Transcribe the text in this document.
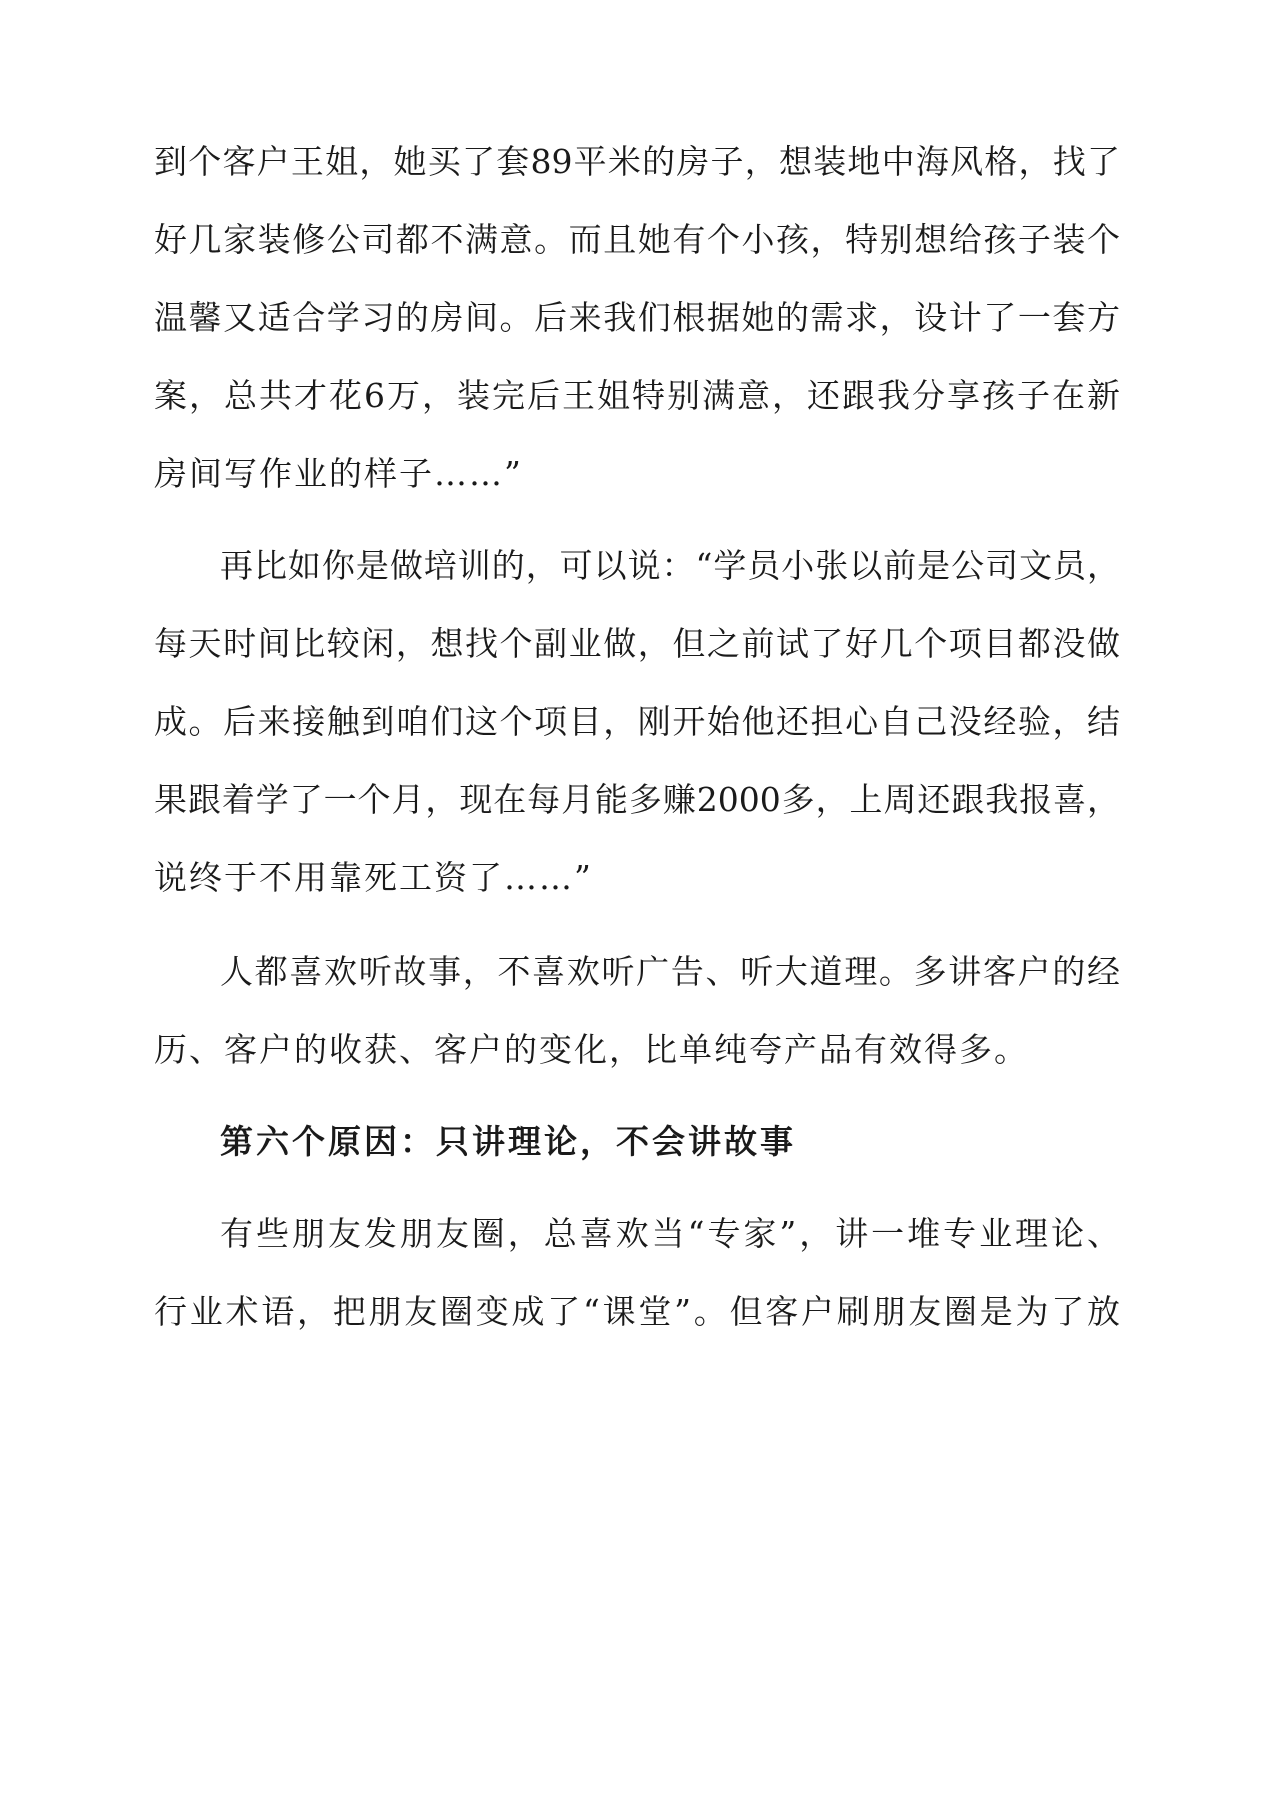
到个客户王姐，她买了套89平米的房子，想装地中海风格，找了
好几家装修公司都不满意。而且她有个小孩，特别想给孩子装个
温馨又适合学习的房间。后来我们根据她的需求，设计了一套方
案，总共才花6万，装完后王姐特别满意，还跟我分享孩子在新
房间写作业的样子……”
再比如你是做培训的，可以说：“学员小张以前是公司文员，
每天时间比较闲，想找个副业做，但之前试了好几个项目都没做
成。后来接触到咱们这个项目，刚开始他还担心自己没经验，结
果跟着学了一个月，现在每月能多赚2000多，上周还跟我报喜，
说终于不用靠死工资了……”
人都喜欢听故事，不喜欢听广告、听大道理。多讲客户的经
历、客户的收获、客户的变化，比单纯夸产品有效得多。
第六个原因：只讲理论，不会讲故事
有些朋友发朋友圈，总喜欢当“专家”，讲一堆专业理论、
行业术语，把朋友圈变成了“课堂”。但客户刷朋友圈是为了放
